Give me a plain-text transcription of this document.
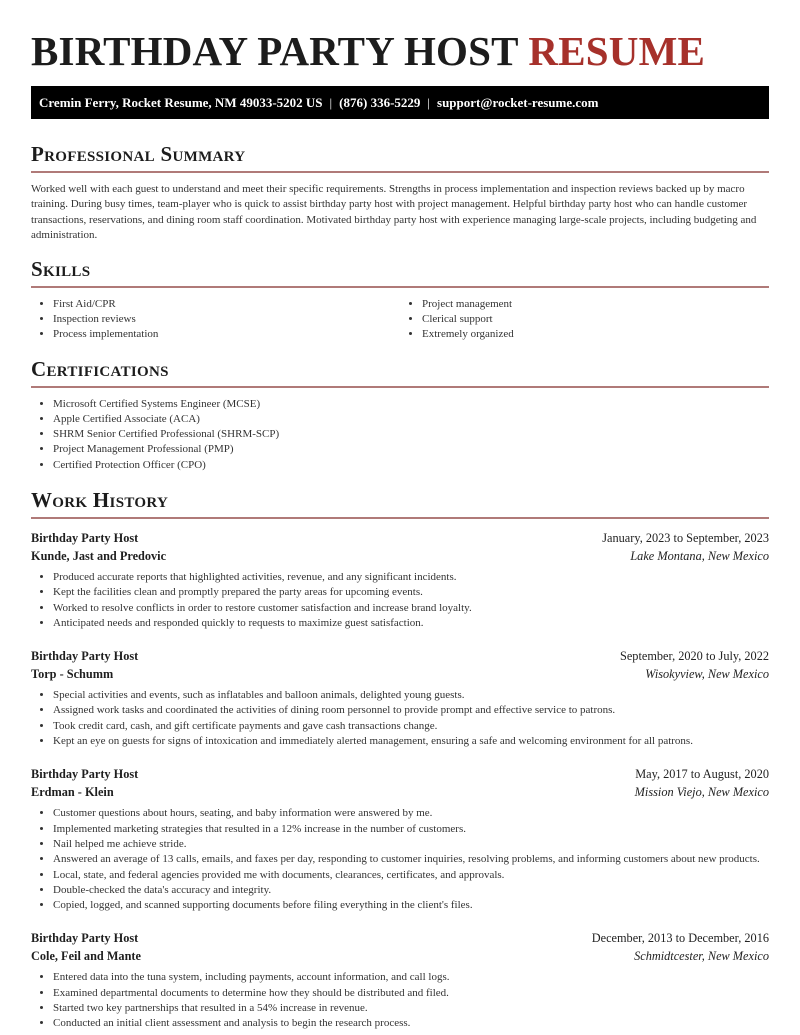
BIRTHDAY PARTY HOST RESUME
Cremin Ferry, Rocket Resume, NM 49033-5202 US | (876) 336-5229 | support@rocket-resume.com
Professional Summary

Worked well with each guest to understand and meet their specific requirements. Strengths in process implementation and inspection reviews backed up by macro training. During busy times, team-player who is quick to assist birthday party host with project management. Helpful birthday party host who can handle customer transactions, reservations, and dining room staff coordination. Motivated birthday party host with experience managing large-scale projects, including budgeting and administration.

Skills
• First Aid/CPR
• Inspection reviews
• Process implementation
• Project management
• Clerical support
• Extremely organized
Certifications
• Microsoft Certified Systems Engineer (MCSE)
• Apple Certified Associate (ACA)
• SHRM Senior Certified Professional (SHRM-SCP)
• Project Management Professional (PMP)
• Certified Protection Officer (CPO)
Work History
Birthday Party Host	January, 2023 to September, 2023
Kunde, Jast and Predovic	Lake Montana, New Mexico
• Produced accurate reports that highlighted activities, revenue, and any significant incidents.
• Kept the facilities clean and promptly prepared the party areas for upcoming events.
• Worked to resolve conflicts in order to restore customer satisfaction and increase brand loyalty.
• Anticipated needs and responded quickly to requests to maximize guest satisfaction.
Birthday Party Host	September, 2020 to July, 2022
Torp - Schumm	Wisokyview, New Mexico
• Special activities and events, such as inflatables and balloon animals, delighted young guests.
• Assigned work tasks and coordinated the activities of dining room personnel to provide prompt and effective service to patrons.
• Took credit card, cash, and gift certificate payments and gave cash transactions change.
• Kept an eye on guests for signs of intoxication and immediately alerted management, ensuring a safe and welcoming environment for all patrons.
Birthday Party Host	May, 2017 to August, 2020
Erdman - Klein	Mission Viejo, New Mexico
• Customer questions about hours, seating, and baby information were answered by me.
• Implemented marketing strategies that resulted in a 12% increase in the number of customers.
• Nail helped me achieve stride.
• Answered an average of 13 calls, emails, and faxes per day, responding to customer inquiries, resolving problems, and informing customers about new products.
• Local, state, and federal agencies provided me with documents, clearances, certificates, and approvals.
• Double-checked the data's accuracy and integrity.
• Copied, logged, and scanned supporting documents before filing everything in the client's files.
Birthday Party Host	December, 2013 to December, 2016
Cole, Feil and Mante	Schmidtcester, New Mexico
• Entered data into the tuna system, including payments, account information, and call logs.
• Examined departmental documents to determine how they should be distributed and filed.
• Started two key partnerships that resulted in a 54% increase in revenue.
• Conducted an initial client assessment and analysis to begin the research process.
